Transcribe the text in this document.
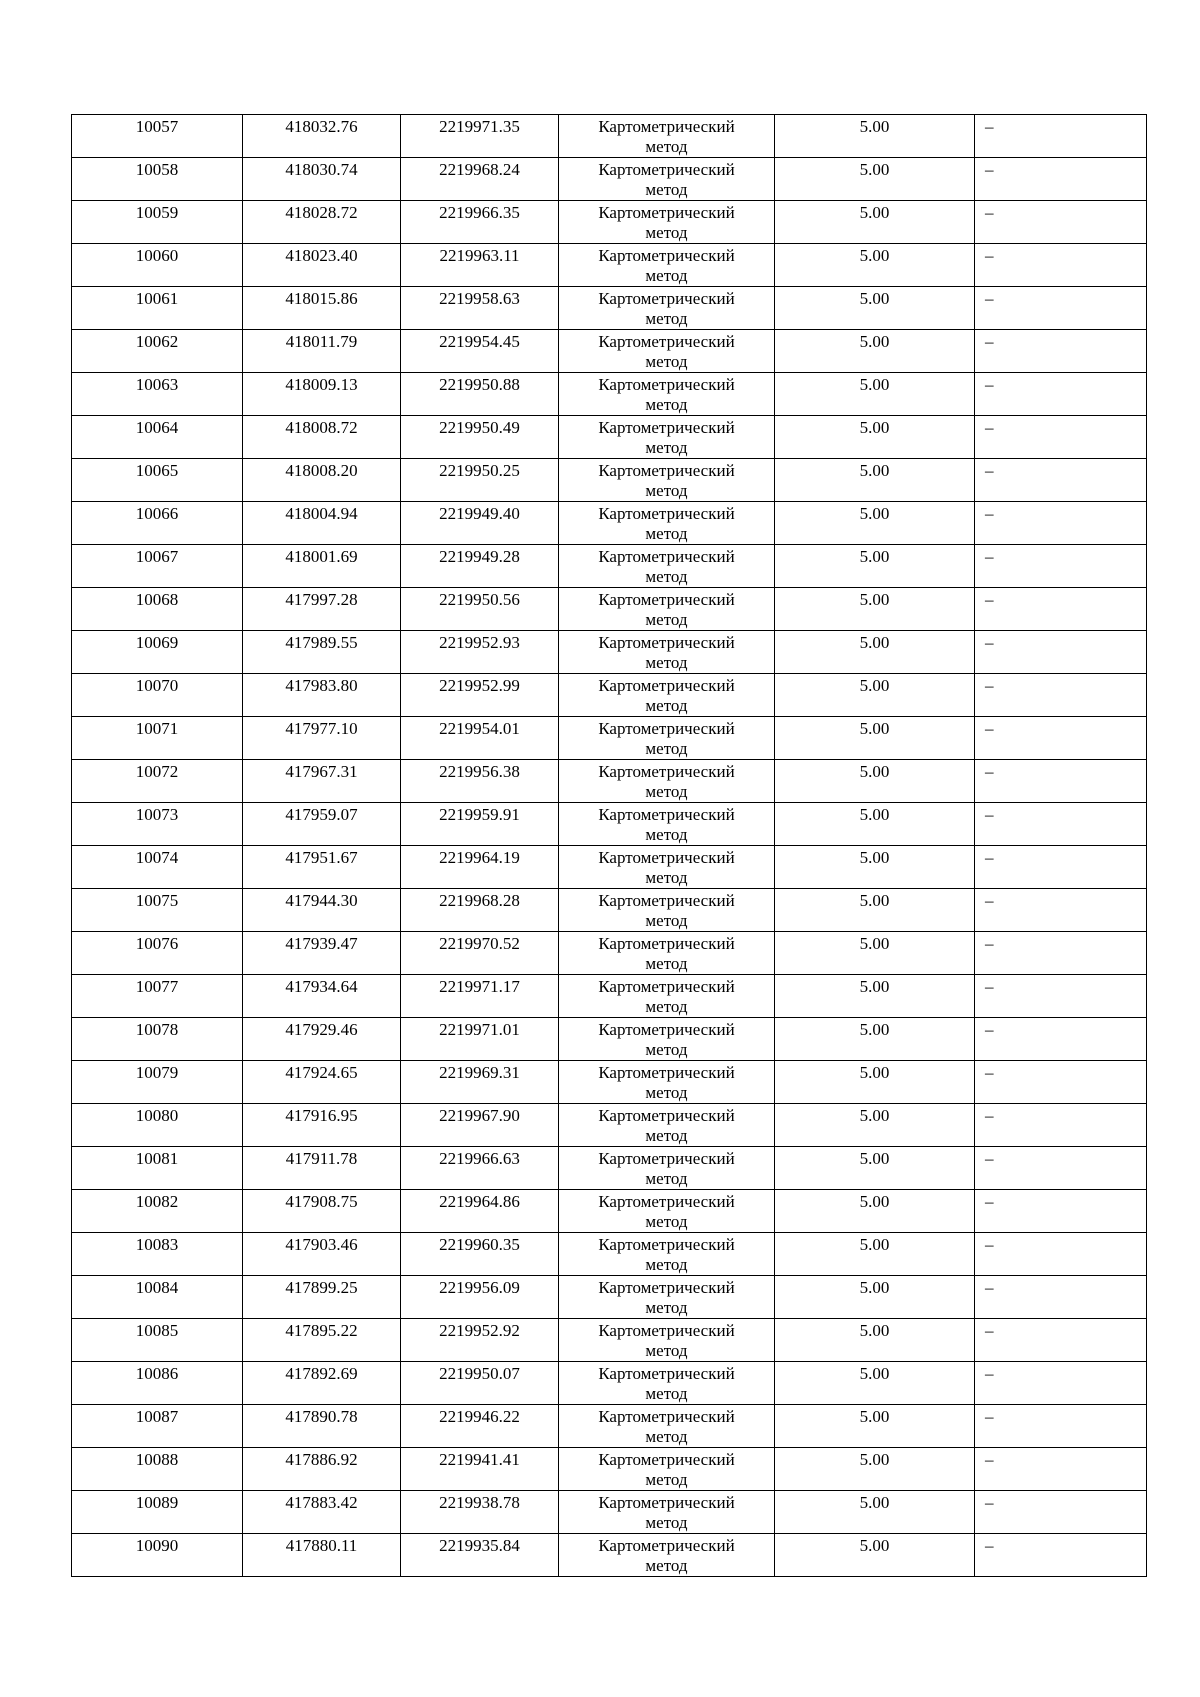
10057	418032.76	2219971.35	Картометрический
метод	5.00	–

10058	418030.74	2219968.24	Картометрический
метод	5.00	–

10059	418028.72	2219966.35	Картометрический
метод	5.00	–

10060	418023.40	2219963.11	Картометрический
метод	5.00	–

10061	418015.86	2219958.63	Картометрический
метод	5.00	–

10062	418011.79	2219954.45	Картометрический
метод	5.00	–

10063	418009.13	2219950.88	Картометрический
метод	5.00	–

10064	418008.72	2219950.49	Картометрический
метод	5.00	–

10065	418008.20	2219950.25	Картометрический
метод	5.00	–

10066	418004.94	2219949.40	Картометрический
метод	5.00	–

10067	418001.69	2219949.28	Картометрический
метод	5.00	–

10068	417997.28	2219950.56	Картометрический
метод	5.00	–

10069	417989.55	2219952.93	Картометрический
метод	5.00	–

10070	417983.80	2219952.99	Картометрический
метод	5.00	–

10071	417977.10	2219954.01	Картометрический
метод	5.00	–

10072	417967.31	2219956.38	Картометрический
метод	5.00	–

10073	417959.07	2219959.91	Картометрический
метод	5.00	–

10074	417951.67	2219964.19	Картометрический
метод	5.00	–

10075	417944.30	2219968.28	Картометрический
метод	5.00	–

10076	417939.47	2219970.52	Картометрический
метод	5.00	–

10077	417934.64	2219971.17	Картометрический
метод	5.00	–

10078	417929.46	2219971.01	Картометрический
метод	5.00	–

10079	417924.65	2219969.31	Картометрический
метод	5.00	–

10080	417916.95	2219967.90	Картометрический
метод	5.00	–

10081	417911.78	2219966.63	Картометрический
метод	5.00	–

10082	417908.75	2219964.86	Картометрический
метод	5.00	–

10083	417903.46	2219960.35	Картометрический
метод	5.00	–

10084	417899.25	2219956.09	Картометрический
метод	5.00	–

10085	417895.22	2219952.92	Картометрический
метод	5.00	–

10086	417892.69	2219950.07	Картометрический
метод	5.00	–

10087	417890.78	2219946.22	Картометрический
метод	5.00	–

10088	417886.92	2219941.41	Картометрический
метод	5.00	–

10089	417883.42	2219938.78	Картометрический
метод	5.00	–

10090	417880.11	2219935.84	Картометрический
метод	5.00	–
